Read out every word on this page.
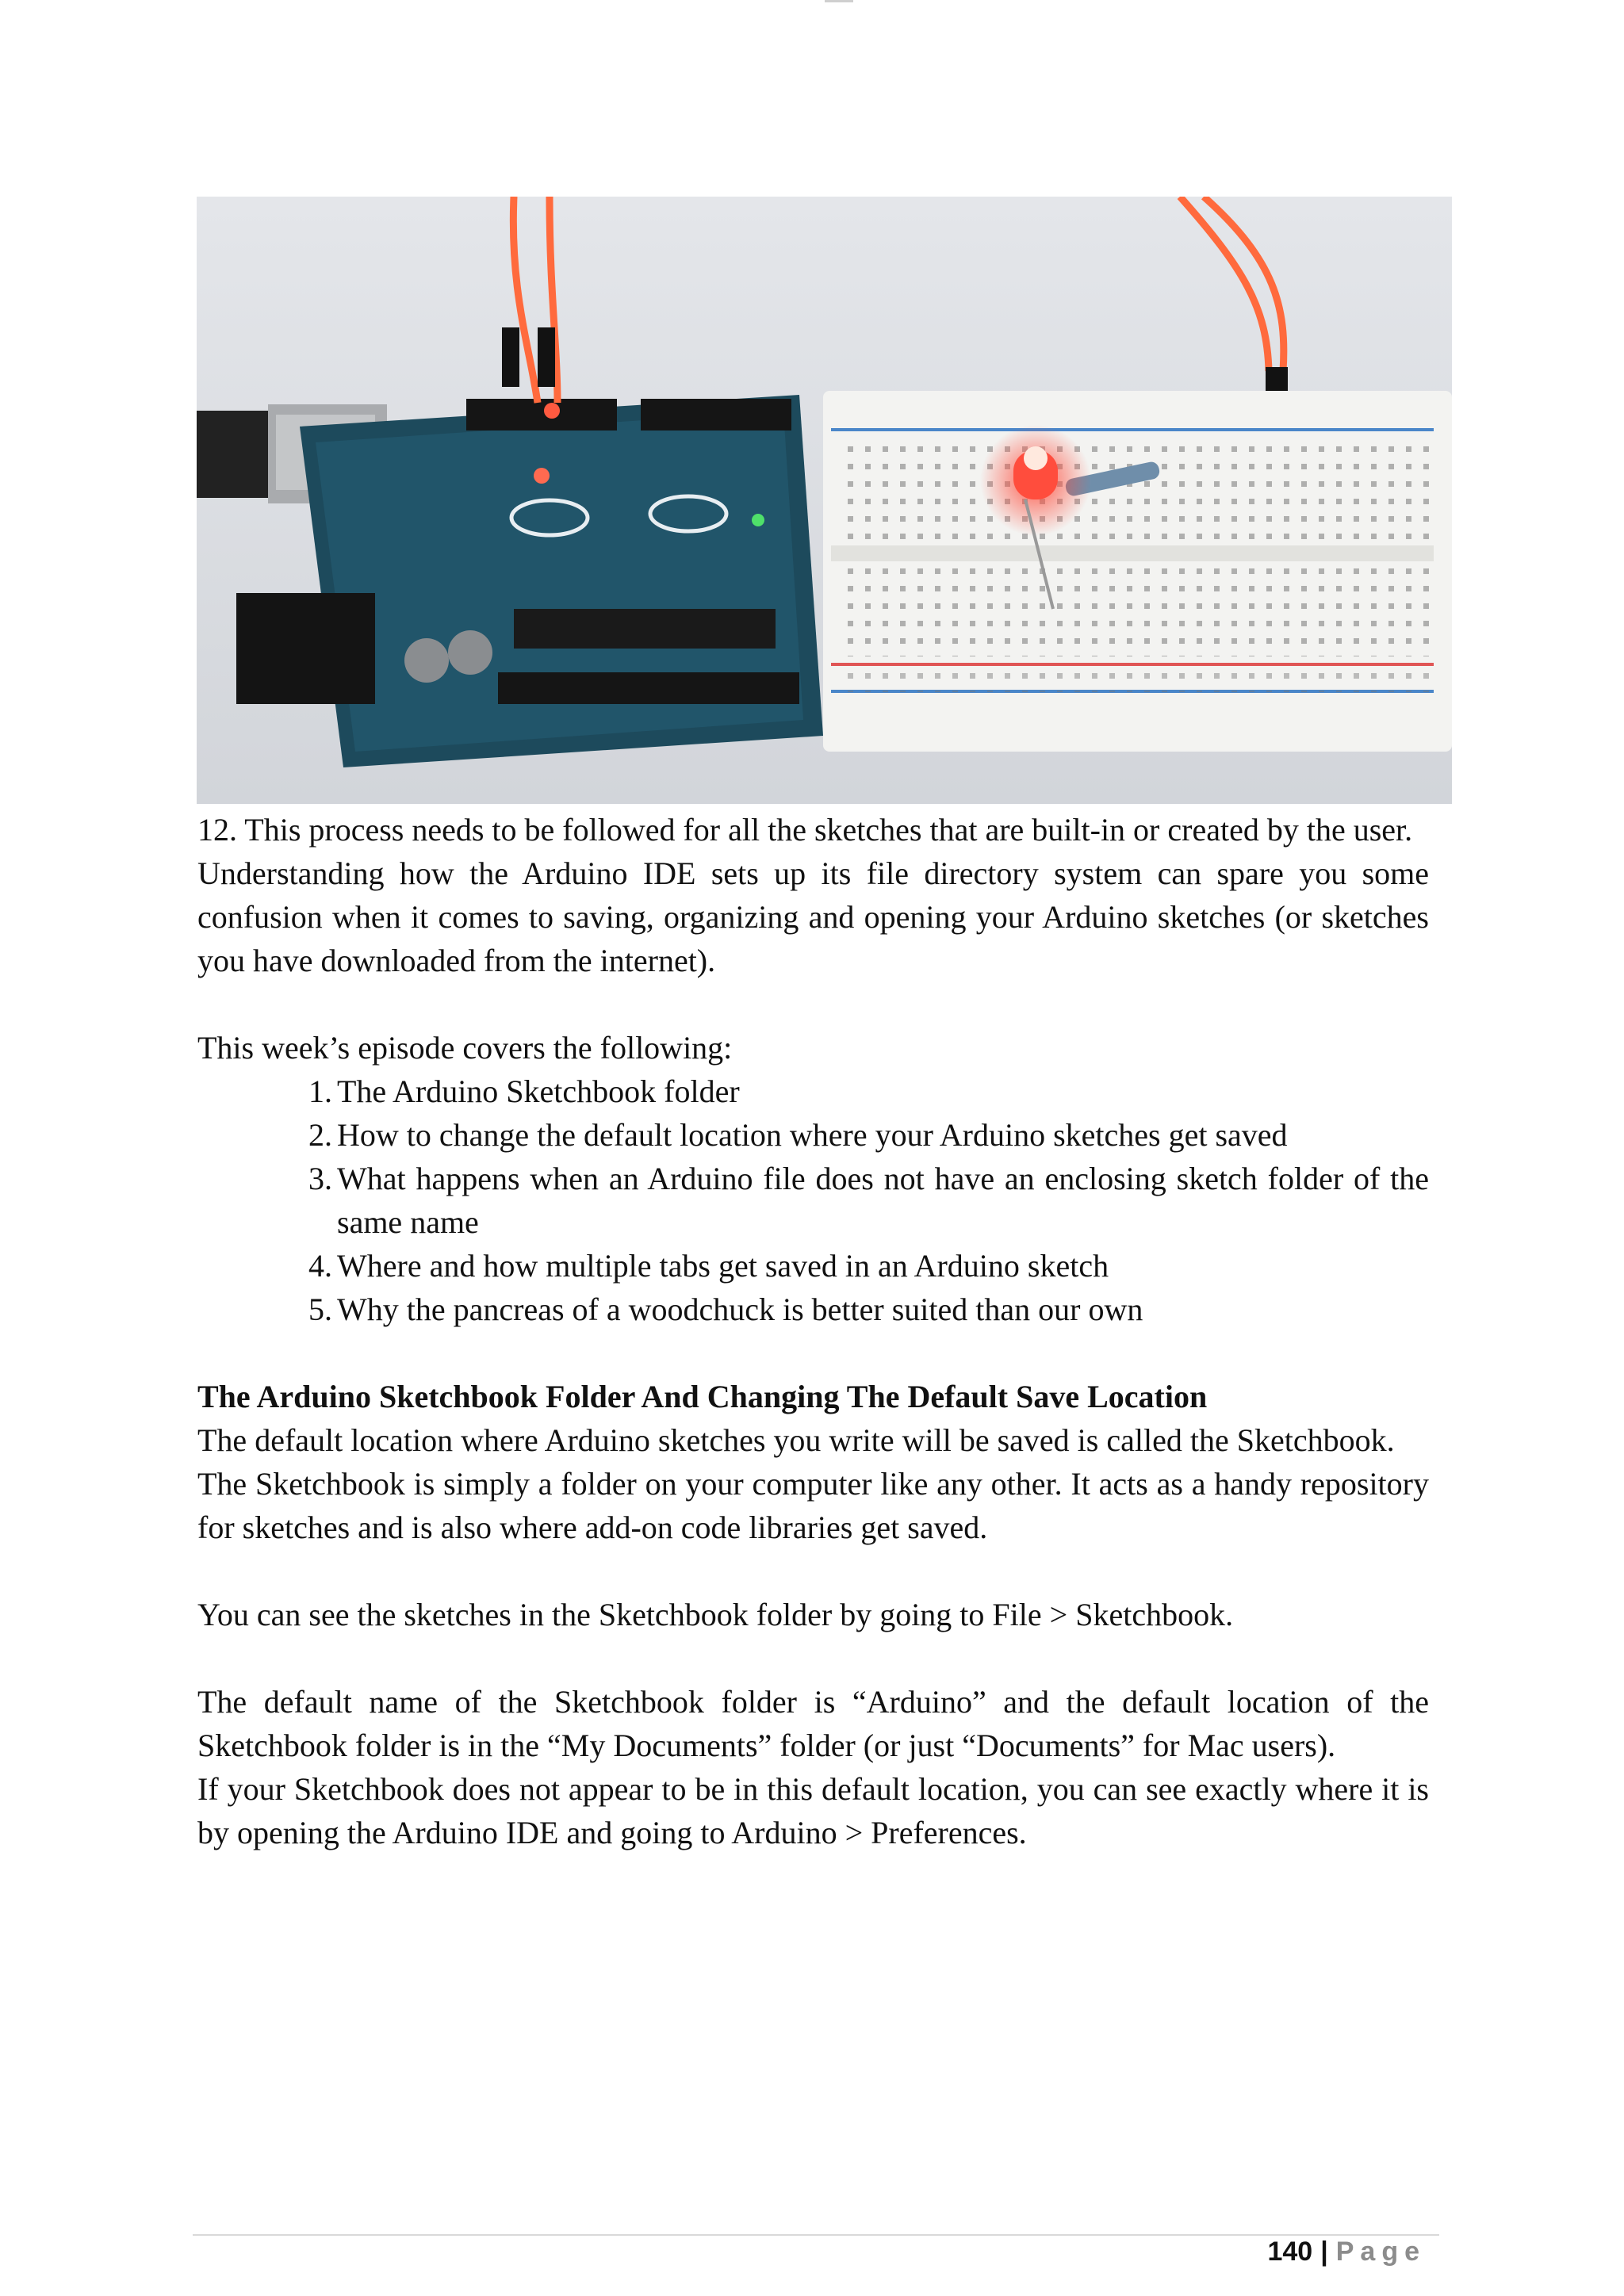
12. This process needs to be followed for all the sketches that are built-in or created by the user.

Understanding how the Arduino IDE sets up its file directory system can spare you some confusion when it comes to saving, organizing and opening your Arduino sketches (or sketches you have downloaded from the internet).

This week’s episode covers the following:

1. The Arduino Sketchbook folder
2. How to change the default location where your Arduino sketches get saved
3. What happens when an Arduino file does not have an enclosing sketch folder of the same name
4. Where and how multiple tabs get saved in an Arduino sketch
5. Why the pancreas of a woodchuck is better suited than our own

The Arduino Sketchbook Folder And Changing The Default Save Location

The default location where Arduino sketches you write will be saved is called the Sketchbook.

The Sketchbook is simply a folder on your computer like any other. It acts as a handy repository for sketches and is also where add-on code libraries get saved.

You can see the sketches in the Sketchbook folder by going to File > Sketchbook.

The default name of the Sketchbook folder is “Arduino” and the default location of the Sketchbook folder is in the “My Documents” folder (or just “Documents” for Mac users).

If your Sketchbook does not appear to be in this default location, you can see exactly where it is by opening the Arduino IDE and going to Arduino > Preferences.

140 | Page
